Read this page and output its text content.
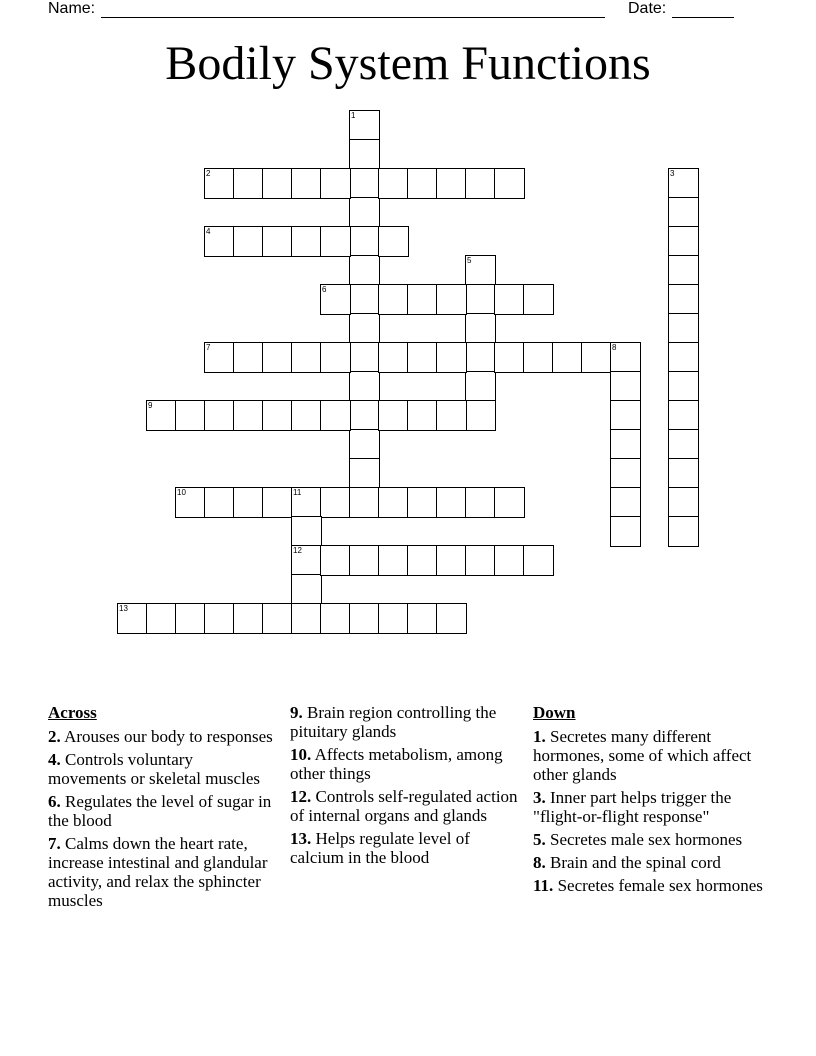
Name:	Date:
Bodily System Functions
1
2	3
4
5
6
7	8
9
10	11
12
13
Across
2. Arouses our body to responses
4. Controls voluntary movements or skeletal muscles
6. Regulates the level of sugar in the blood
7. Calms down the heart rate, increase intestinal and glandular activity, and relax the sphincter muscles
9. Brain region controlling the pituitary glands
10. Affects metabolism, among other things
12. Controls self-regulated action of internal organs and glands
13. Helps regulate level of calcium in the blood
Down
1. Secretes many different hormones, some of which affect other glands
3. Inner part helps trigger the "flight-or-flight response"
5. Secretes male sex hormones
8. Brain and the spinal cord
11. Secretes female sex hormones
